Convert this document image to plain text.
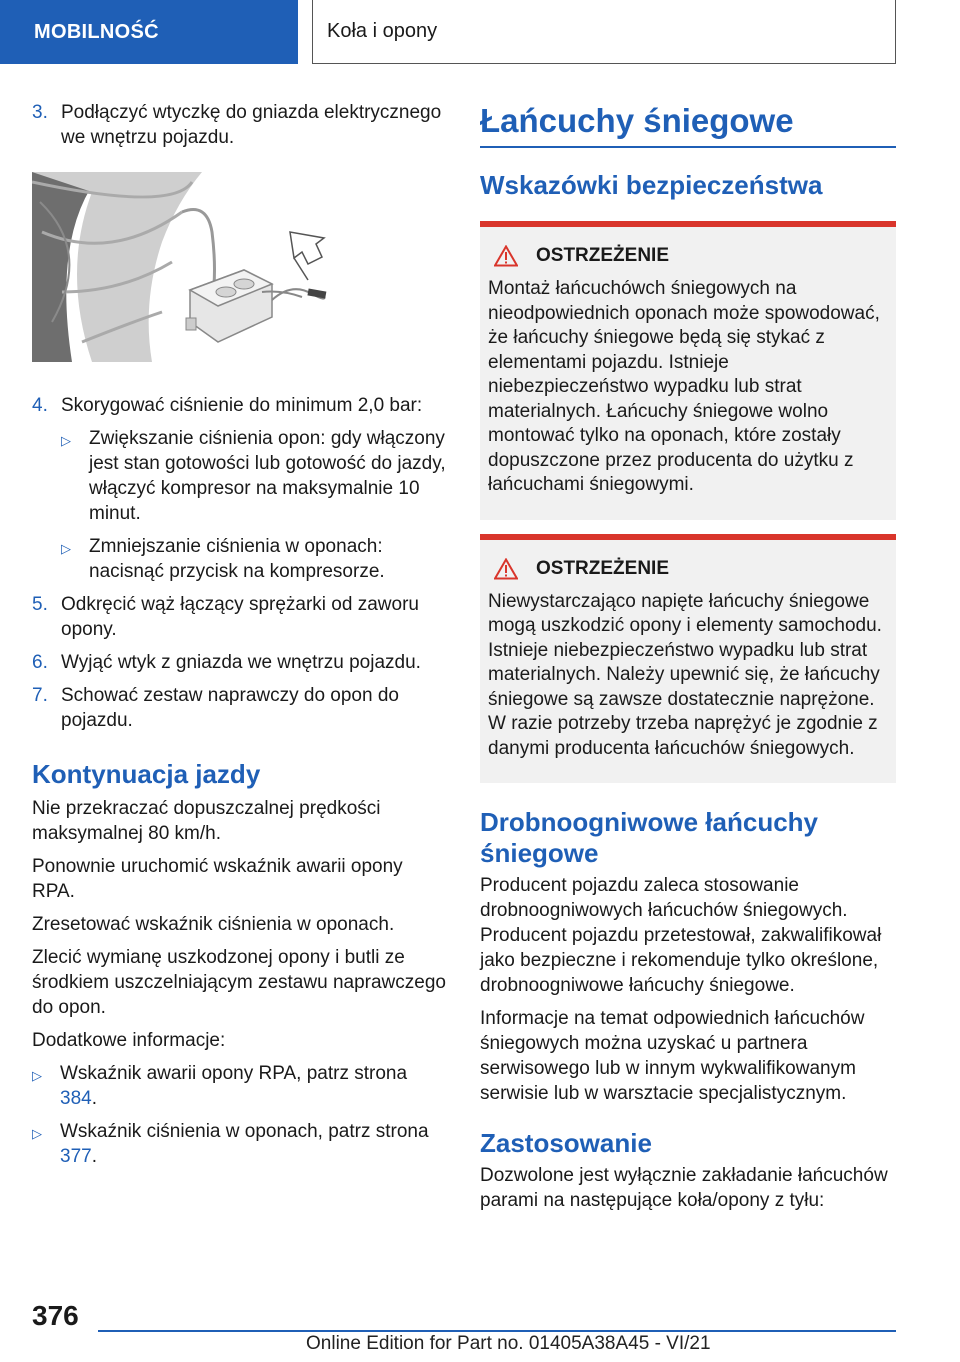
MOBILNOŚĆ	Koła i opony
3. Podłączyć wtyczkę do gniazda elektrycznego we wnętrzu pojazdu.
4. Skorygować ciśnienie do minimum 2,0 bar:
▷ Zwiększanie ciśnienia opon: gdy włączony jest stan gotowości lub gotowość do jazdy, włączyć kompresor na maksymalnie 10 minut.
▷ Zmniejszanie ciśnienia w oponach: nacisnąć przycisk na kompresorze.
5. Odkręcić wąż łączący sprężarki od zaworu opony.
6. Wyjąć wtyk z gniazda we wnętrzu pojazdu.
7. Schować zestaw naprawczy do opon do pojazdu.
Kontynuacja jazdy

Nie przekraczać dopuszczalnej prędkości maksymalnej 80 km/h.

Ponownie uruchomić wskaźnik awarii opony RPA.

Zresetować wskaźnik ciśnienia w oponach.

Zlecić wymianę uszkodzonej opony i butli ze środkiem uszczelniającym zestawu naprawczego do opon.

Dodatkowe informacje:

▷ Wskaźnik awarii opony RPA, patrz strona 384.
▷ Wskaźnik ciśnienia w oponach, patrz strona 377.
Łańcuchy śniegowe
Wskazówki bezpieczeństwa
OSTRZEŻENIE

Montaż łańcuchówch śniegowych na nieodpowiednich oponach może spowodować, że łańcuchy śniegowe będą się stykać z elementami pojazdu. Istnieje niebezpieczeństwo wypadku lub strat materialnych. Łańcuchy śniegowe wolno montować tylko na oponach, które zostały dopuszczone przez producenta do użytku z łańcuchami śniegowymi.

OSTRZEŻENIE

Niewystarczająco napięte łańcuchy śniegowe mogą uszkodzić opony i elementy samochodu. Istnieje niebezpieczeństwo wypadku lub strat materialnych. Należy upewnić się, że łańcuchy śniegowe są zawsze dostatecznie naprężone. W razie potrzeby trzeba naprężyć je zgodnie z danymi producenta łańcuchów śniegowych.

Drobnoogniwowe łańcuchy śniegowe

Producent pojazdu zaleca stosowanie drobnoogniwowych łańcuchów śniegowych. Producent pojazdu przetestował, zakwalifikował jako bezpieczne i rekomenduje tylko określone, drobnoogniwowe łańcuchy śniegowe.

Informacje na temat odpowiednich łańcuchów śniegowych można uzyskać u partnera serwisowego lub w innym wykwalifikowanym serwisie lub w warsztacie specjalistycznym.

Zastosowanie

Dozwolone jest wyłącznie zakładanie łańcuchów parami na następujące koła/opony z tyłu:

376
Online Edition for Part no. 01405A38A45 - VI/21
